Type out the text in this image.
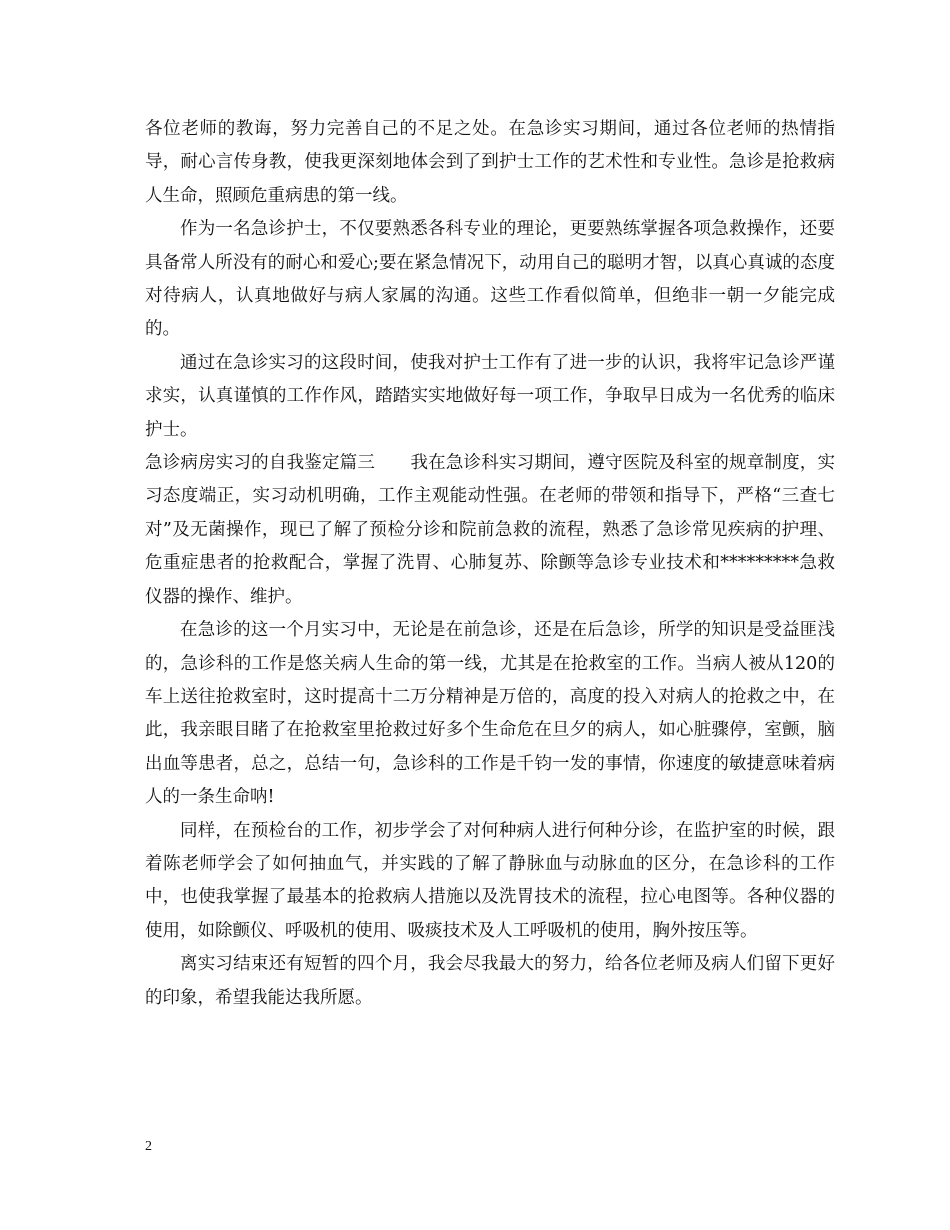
各位老师的教诲，努力完善自己的不足之处。在急诊实习期间，通过各位老师的热情指导，耐心言传身教，使我更深刻地体会到了到护士工作的艺术性和专业性。急诊是抢救病人生命，照顾危重病患的第一线。

作为一名急诊护士，不仅要熟悉各科专业的理论，更要熟练掌握各项急救操作，还要具备常人所没有的耐心和爱心;要在紧急情况下，动用自己的聪明才智，以真心真诚的态度对待病人，认真地做好与病人家属的沟通。这些工作看似简单，但绝非一朝一夕能完成的。

通过在急诊实习的这段时间，使我对护士工作有了进一步的认识，我将牢记急诊严谨求实，认真谨慎的工作作风，踏踏实实地做好每一项工作，争取早日成为一名优秀的临床护士。

急诊病房实习的自我鉴定篇三　　我在急诊科实习期间，遵守医院及科室的规章制度，实习态度端正，实习动机明确，工作主观能动性强。在老师的带领和指导下，严格“三查七对”及无菌操作，现已了解了预检分诊和院前急救的流程，熟悉了急诊常见疾病的护理、危重症患者的抢救配合，掌握了洗胃、心肺复苏、除颤等急诊专业技术和*********急救仪器的操作、维护。

在急诊的这一个月实习中，无论是在前急诊，还是在后急诊，所学的知识是受益匪浅的，急诊科的工作是悠关病人生命的第一线，尤其是在抢救室的工作。当病人被从120的车上送往抢救室时，这时提高十二万分精神是万倍的，高度的投入对病人的抢救之中，在此，我亲眼目睹了在抢救室里抢救过好多个生命危在旦夕的病人，如心脏骤停，室颤，脑出血等患者，总之，总结一句，急诊科的工作是千钧一发的事情，你速度的敏捷意味着病人的一条生命呐!

同样，在预检台的工作，初步学会了对何种病人进行何种分诊，在监护室的时候，跟着陈老师学会了如何抽血气，并实践的了解了静脉血与动脉血的区分，在急诊科的工作中，也使我掌握了最基本的抢救病人措施以及洗胃技术的流程，拉心电图等。各种仪器的使用，如除颤仪、呼吸机的使用、吸痰技术及人工呼吸机的使用，胸外按压等。

离实习结束还有短暂的四个月，我会尽我最大的努力，给各位老师及病人们留下更好的印象，希望我能达我所愿。

2
